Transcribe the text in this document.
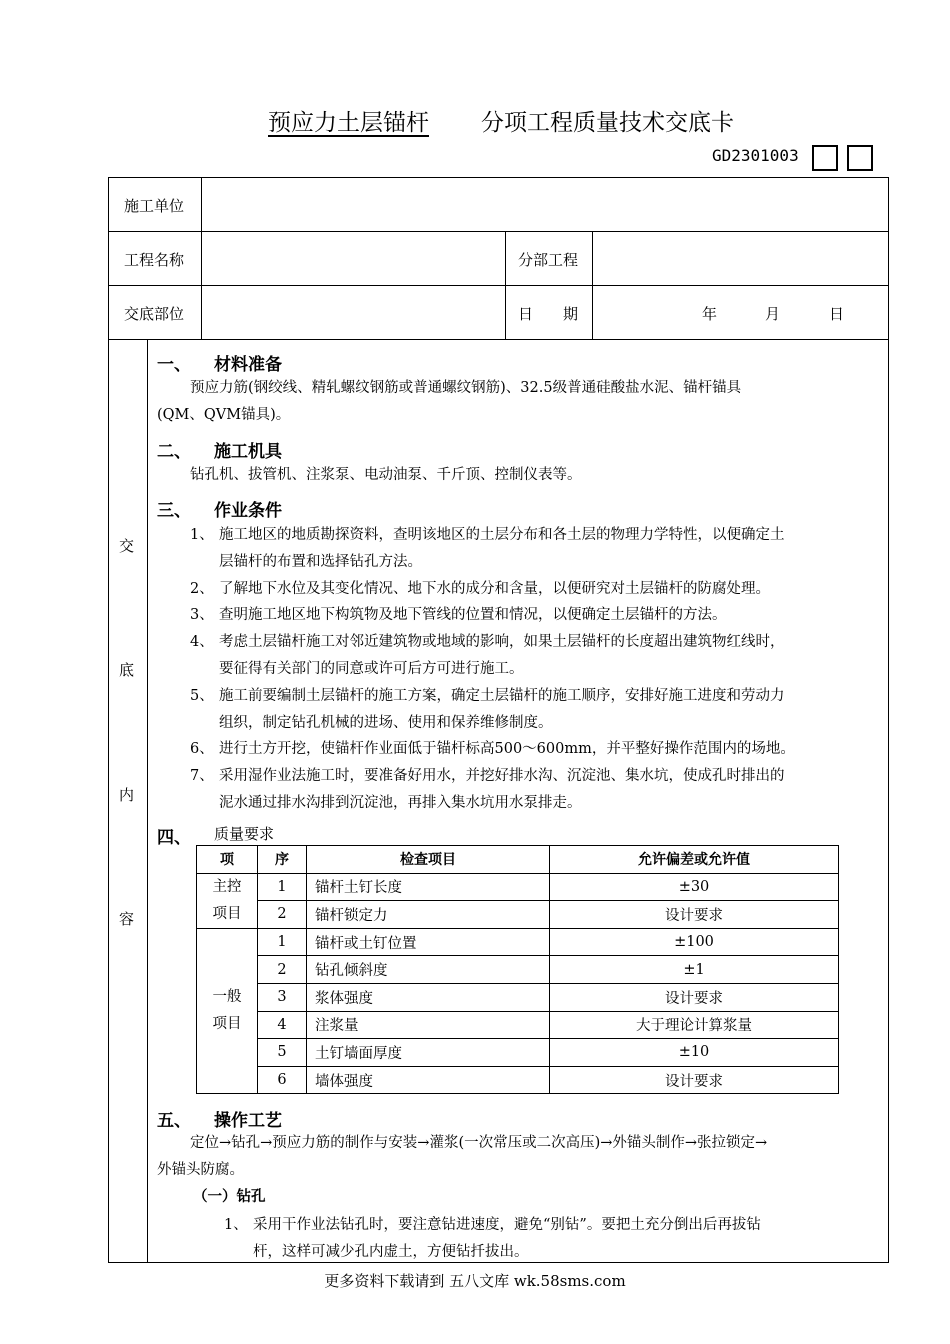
预应力土层锚杆 分项工程质量技术交底卡
GD2301003
施工单位
工程名称	分部工程
交底部位	日　　期	年	月	日
交
底
内
容
一、 材料准备
预应力筋(钢绞线、精轧螺纹钢筋或普通螺纹钢筋)、32.5级普通硅酸盐水泥、锚杆锚具
(QM、QVM锚具)。
二、 施工机具
钻孔机、拔管机、注浆泵、电动油泵、千斤顶、控制仪表等。
三、 作业条件
1、 施工地区的地质勘探资料，查明该地区的土层分布和各土层的物理力学特性，以便确定土
层锚杆的布置和选择钻孔方法。
2、 了解地下水位及其变化情况、地下水的成分和含量，以便研究对土层锚杆的防腐处理。
3、 查明施工地区地下构筑物及地下管线的位置和情况，以便确定土层锚杆的方法。
4、 考虑土层锚杆施工对邻近建筑物或地域的影响，如果土层锚杆的长度超出建筑物红线时，
要征得有关部门的同意或许可后方可进行施工。
5、 施工前要编制土层锚杆的施工方案，确定土层锚杆的施工顺序，安排好施工进度和劳动力
组织，制定钻孔机械的进场、使用和保养维修制度。
6、 进行土方开挖，使锚杆作业面低于锚杆标高500～600mm，并平整好操作范围内的场地。
7、 采用湿作业法施工时，要准备好用水，并挖好排水沟、沉淀池、集水坑，使成孔时排出的
泥水通过排水沟排到沉淀池，再排入集水坑用水泵排走。
四、 质量要求
项	序	检查项目	允许偏差或允许值
主控
项目	1	锚杆土钉长度	±30
	2	锚杆锁定力	设计要求
一般
项目	1	锚杆或土钉位置	±100
	2	钻孔倾斜度	±1
	3	浆体强度	设计要求
	4	注浆量	大于理论计算浆量
	5	土钉墙面厚度	±10
	6	墙体强度	设计要求
五、 操作工艺
定位→钻孔→预应力筋的制作与安装→灌浆(一次常压或二次高压)→外锚头制作→张拉锁定→
外锚头防腐。
（一）钻孔
1、 采用干作业法钻孔时，要注意钻进速度，避免“别钻”。要把土充分倒出后再拔钻
杆，这样可减少孔内虚土，方便钻扦拔出。
更多资料下载请到 五八文库 wk.58sms.com
